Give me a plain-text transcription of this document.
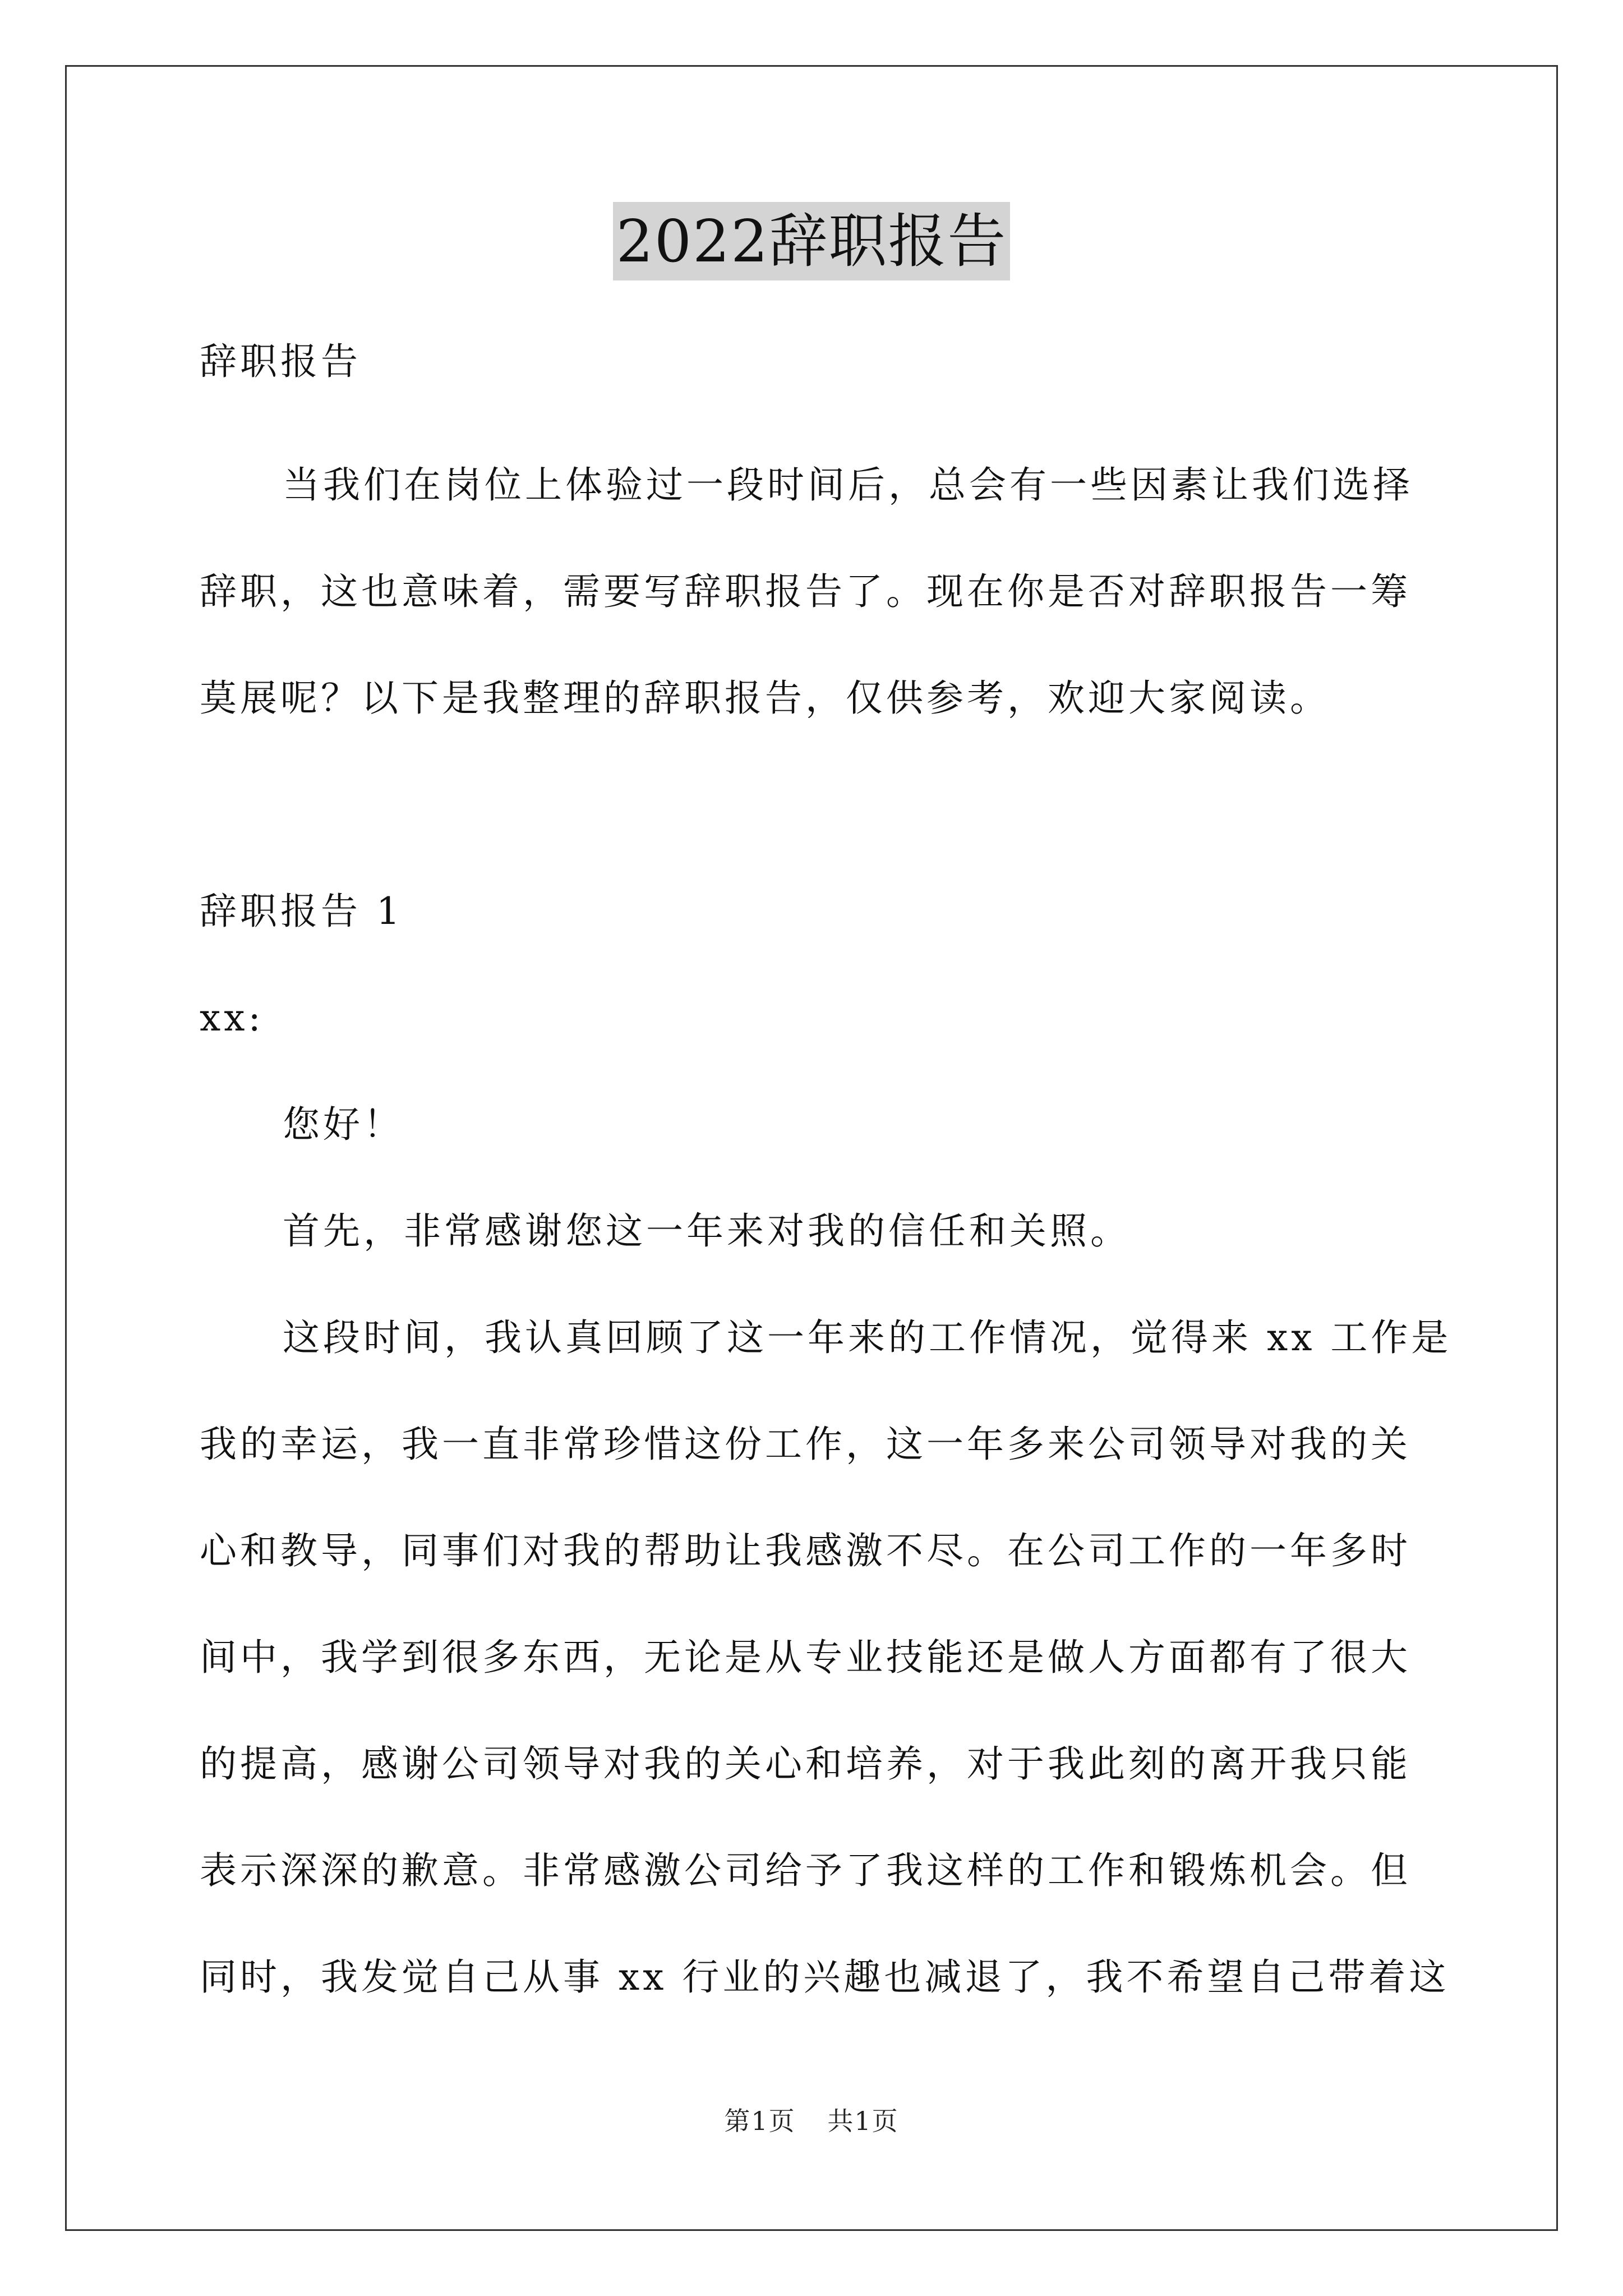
2022辞职报告
辞职报告
当我们在岗位上体验过一段时间后，总会有一些因素让我们选择
辞职，这也意味着，需要写辞职报告了。现在你是否对辞职报告一筹
莫展呢？以下是我整理的辞职报告，仅供参考，欢迎大家阅读。
辞职报告 1
xx:
您好！
首先，非常感谢您这一年来对我的信任和关照。
这段时间，我认真回顾了这一年来的工作情况，觉得来 xx 工作是
我的幸运，我一直非常珍惜这份工作，这一年多来公司领导对我的关
心和教导，同事们对我的帮助让我感激不尽。在公司工作的一年多时
间中，我学到很多东西，无论是从专业技能还是做人方面都有了很大
的提高，感谢公司领导对我的关心和培养，对于我此刻的离开我只能
表示深深的歉意。非常感激公司给予了我这样的工作和锻炼机会。但
同时，我发觉自己从事 xx 行业的兴趣也减退了，我不希望自己带着这
第1页 共1页
